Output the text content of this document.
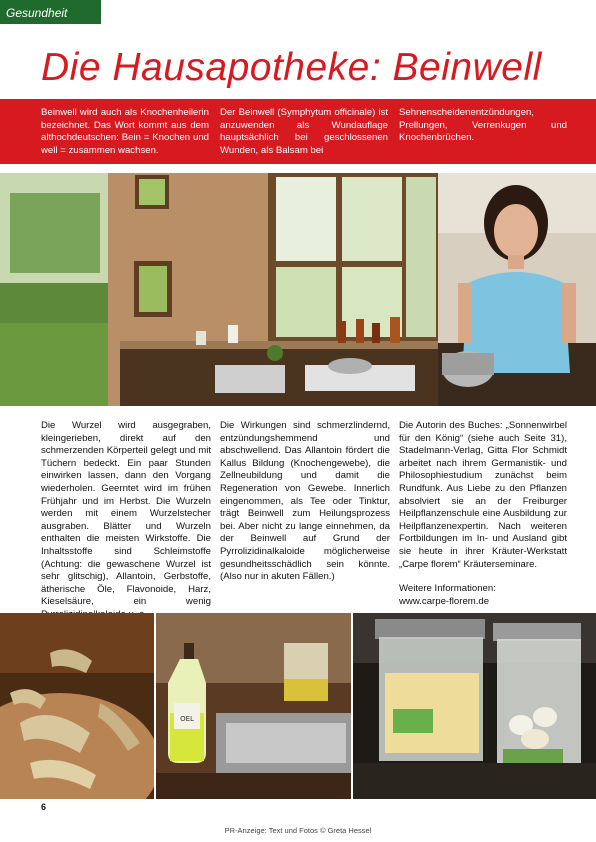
Gesundheit
Die Hausapotheke: Beinwell
Beinwell wird auch als Knochenheilerin bezeichnet. Das Wort kommt aus dem althochdeutschen: Bein = Knochen und well = zusammen wachsen.
Der Beinwell (Symphytum officinale) ist anzuwenden als Wundauflage hauptsächlich bei geschlossenen Wunden, als Balsam bei
Sehnenscheidenentzündungen, Prellungen, Verrenkugen und Knochenbrüchen.
Die Wurzel wird ausgegraben, kleingerieben, direkt auf den schmerzenden Körperteil gelegt und mit Tüchern bedeckt. Ein paar Stunden einwirken lassen, dann den Vorgang wiederholen. Geerntet wird im frühen Frühjahr und im Herbst. Die Wurzeln werden mit einem Wurzelstecher ausgraben. Blätter und Wurzeln enthalten die meisten Wirkstoffe. Die Inhaltsstoffe sind Schleimstoffe (Achtung: die gewaschene Wurzel ist sehr glitschig), Allantoin, Gerbstoffe, ätherische Öle, Flavonoide, Harz, Kieselsäure, ein wenig
Die Wirkungen sind schmerzlindernd, entzündungshemmend und abschwellend. Das Allantoin fördert die Kallus Bildung (Knochengewebe), die Zellneubildung und damit die Regeneration von Gewebe. Innerlich eingenommen, als Tee oder Tinktur, trägt Beinwell zum Heilungsprozess bei. Aber nicht zu lange einnehmen, da der Beinwell auf Grund der Pyrrolizidinalkaloide möglicherweise gesundheitsschädlich sein könnte. (Also nur in akuten Fällen.)
Die Autorin des Buches: „Sonnenwirbel für den König“ (siehe auch Seite 31), Stadelmann-Verlag, Gitta Flor Schmidt arbeitet nach ihrem Germanistik- und Philosophiestudium zunächst beim Rundfunk. Aus Liebe zu den Pflanzen absolviert sie an der Freiburger Heilpflanzenschule eine Ausbildung zur Heilpflanzenexpertin. Nach weiteren Fortbildungen im In- und Ausland gibt sie heute in ihrer Kräuter-Werkstatt „Carpe florem“ Kräuterseminare.
Weitere Informationen:
www.carpe-florem.de
OEL
6
PR-Anzeige: Text und Fotos © Greta Hessel
